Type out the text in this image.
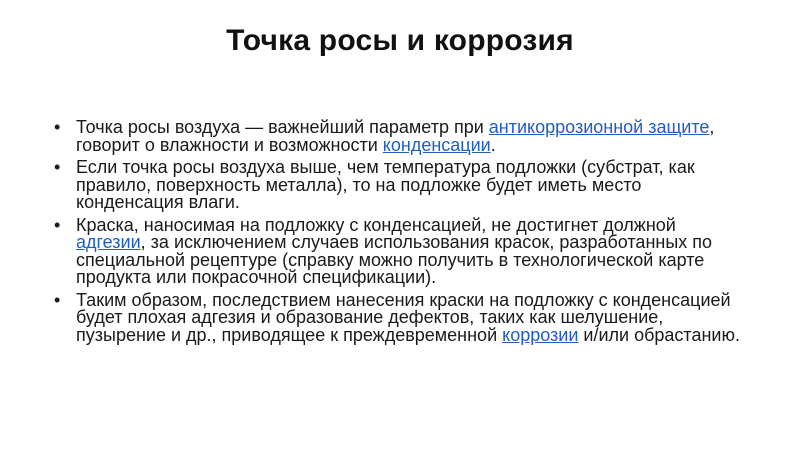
Точка росы и коррозия
• Точка росы воздуха — важнейший параметр при антикоррозионной защите, говорит о влажности и возможности конденсации.
• Если точка росы воздуха выше, чем температура подложки (субстрат, как правило, поверхность металла), то на подложке будет иметь место конденсация влаги.
• Краска, наносимая на подложку с конденсацией, не достигнет должной адгезии, за исключением случаев использования красок, разработанных по специальной рецептуре (справку можно получить в технологической карте продукта или покрасочной спецификации).
• Таким образом, последствием нанесения краски на подложку с конденсацией будет плохая адгезия и образование дефектов, таких как шелушение, пузырение и др., приводящее к преждевременной коррозии и/или обрастанию.
